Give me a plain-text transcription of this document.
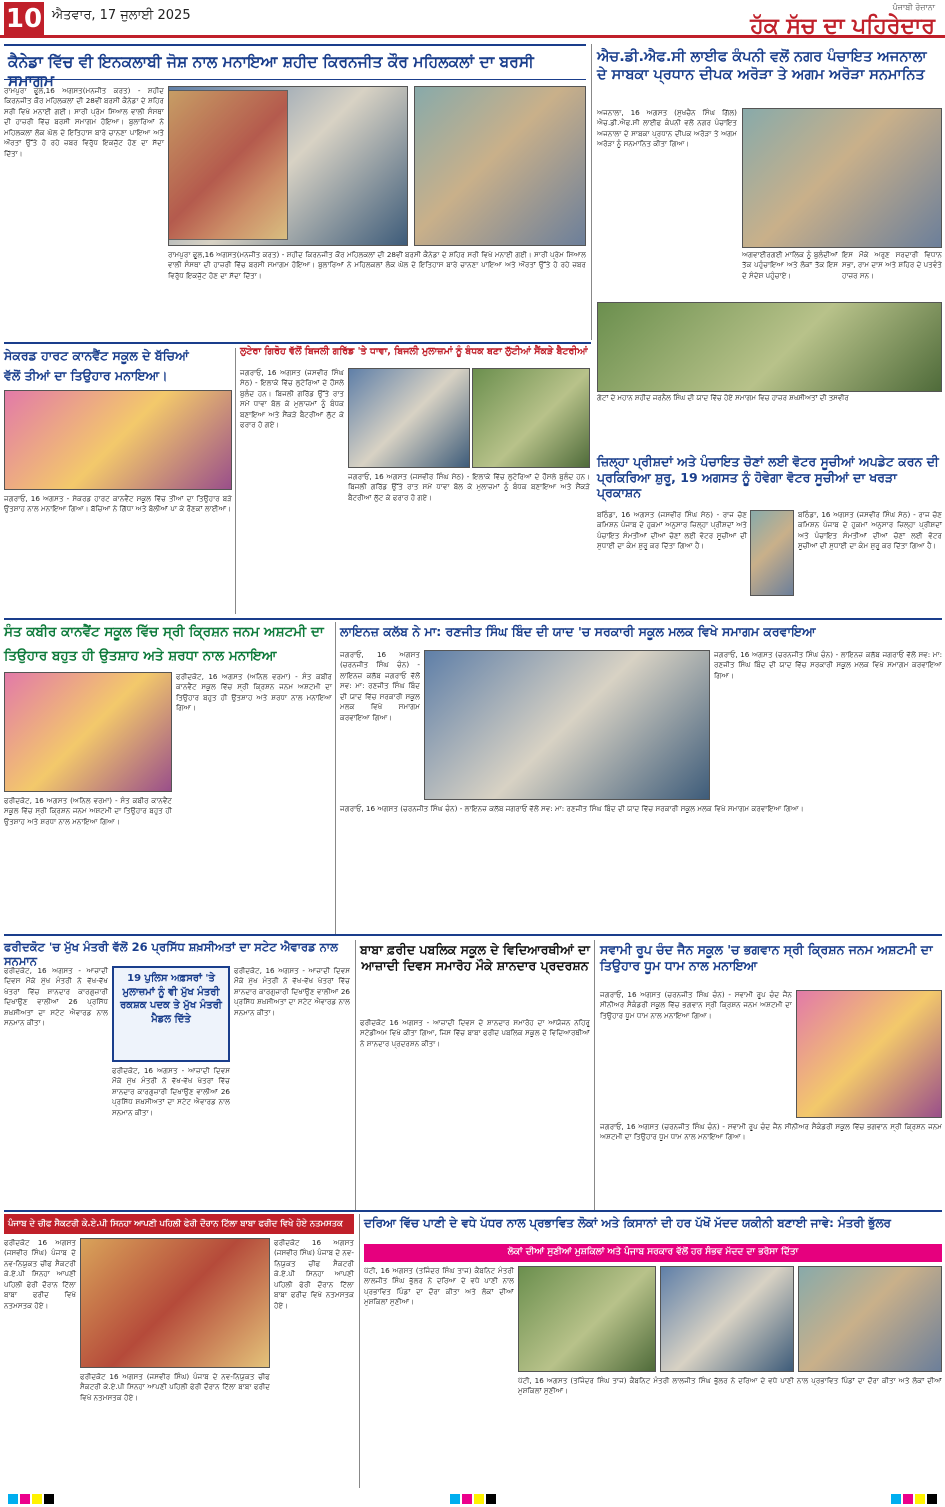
10 ਐਤਵਾਰ, 17 ਜੁਲਾਈ 2025
ਪੰਜਾਬੀ ਰੋਜ਼ਾਨਾ
ਹੱਕ ਸੱਚ ਦਾ ਪਹਿਰੇਦਾਰ
ਕੈਨੇਡਾ ਵਿੱਚ ਵੀ ਇਨਕਲਾਬੀ ਜੋਸ਼ ਨਾਲ ਮਨਾਇਆ ਸ਼ਹੀਦ ਕਿਰਨਜੀਤ ਕੌਰ ਮਹਿਲਕਲਾਂ ਦਾ ਬਰਸੀ ਸਮਾਗਮ
ਰਾਮਪੁਰਾ ਫੂਲ,16 ਅਗਸਤ(ਮਨਜੀਤ ਕਰਤ) - ਸ਼ਹੀਦ ਕਿਰਨਜੀਤ ਕੌਰ ਮਹਿਲਕਲਾਂ ਦੀ 28ਵੀਂ ਬਰਸੀ ਕੈਨੇਡਾ ਦੇ ਸ਼ਹਿਰ ਸਰੀ ਵਿਖੇ ਮਨਾਈ ਗਈ। ਸਾਰੀ ਪ੍ਰੇਮ ਸਿਆਲ ਵਾਲੀ ਸੰਸਥਾ ਦੀ ਹਾਜ਼ਰੀ ਵਿੱਚ ਬਰਸੀ ਸਮਾਗਮ ਹੋਇਆ। ਬੁਲਾਰਿਆਂ ਨੇ ਮਹਿਲਕਲਾਂ ਲੋਕ ਘੋਲ ਦੇ ਇਤਿਹਾਸ ਬਾਰੇ ਚਾਨਣਾ ਪਾਇਆ ਅਤੇ ਔਰਤਾਂ ਉੱਤੇ ਹੋ ਰਹੇ ਜ਼ਬਰ ਵਿਰੁੱਧ ਇਕਜੁੱਟ ਹੋਣ ਦਾ ਸੱਦਾ ਦਿੱਤਾ।
ਰਾਮਪੁਰਾ ਫੂਲ,16 ਅਗਸਤ(ਮਨਜੀਤ ਕਰਤ) - ਸ਼ਹੀਦ ਕਿਰਨਜੀਤ ਕੌਰ ਮਹਿਲਕਲਾਂ ਦੀ 28ਵੀਂ ਬਰਸੀ ਕੈਨੇਡਾ ਦੇ ਸ਼ਹਿਰ ਸਰੀ ਵਿਖੇ ਮਨਾਈ ਗਈ। ਸਾਰੀ ਪ੍ਰੇਮ ਸਿਆਲ ਵਾਲੀ ਸੰਸਥਾ ਦੀ ਹਾਜ਼ਰੀ ਵਿੱਚ ਬਰਸੀ ਸਮਾਗਮ ਹੋਇਆ। ਬੁਲਾਰਿਆਂ ਨੇ ਮਹਿਲਕਲਾਂ ਲੋਕ ਘੋਲ ਦੇ ਇਤਿਹਾਸ ਬਾਰੇ ਚਾਨਣਾ ਪਾਇਆ ਅਤੇ ਔਰਤਾਂ ਉੱਤੇ ਹੋ ਰਹੇ ਜ਼ਬਰ ਵਿਰੁੱਧ ਇਕਜੁੱਟ ਹੋਣ ਦਾ ਸੱਦਾ ਦਿੱਤਾ।
ਐਚ.ਡੀ.ਐਫ.ਸੀ ਲਾਈਫ ਕੰਪਨੀ ਵਲੋਂ ਨਗਰ ਪੰਚਾਇਤ ਅਜਨਾਲਾ ਦੇ ਸਾਬਕਾ ਪ੍ਰਧਾਨ ਦੀਪਕ ਅਰੋੜਾ ਤੇ ਅਗਮ ਅਰੋੜਾ ਸਨਮਾਨਿਤ
ਅਜਨਾਲਾ, 16 ਅਗਸਤ (ਸੁਖਚੈਨ ਸਿੰਘ ਗਿੱਲ) ਐਚ.ਡੀ.ਐਫ.ਸੀ ਲਾਈਫ ਕੰਪਨੀ ਵਲੋਂ ਨਗਰ ਪੰਚਾਇਤ ਅਜਨਾਲਾ ਦੇ ਸਾਬਕਾ ਪ੍ਰਧਾਨ ਦੀਪਕ ਅਰੋੜਾ ਤੇ ਅਗਮ ਅਰੋੜਾ ਨੂੰ ਸਨਮਾਨਿਤ ਕੀਤਾ ਗਿਆ।
ਅਗਵਾਈਰਗਈ ਮਾਲਿਕ ਨੂੰ ਬੁਲੰਦੀਆਂ ਤੱਕ ਪਹੁੰਚਾਇਆ ਅਤੇ ਲੋਕਾਂ ਤੱਕ ਇਸ ਦੇ ਸੰਦੇਸ਼ ਪਹੁੰਚਾਏ।
ਇਸ ਮੌਕੇ ਅਰੁਣ ਸਰਦਾਰੀ ਵਿਧਾਨ ਸਭਾ, ਰਾਮ ਦਾਸ ਅਤੇ ਸ਼ਹਿਰ ਦੇ ਪਤਵੰਤੇ ਹਾਜ਼ਰ ਸਨ।
ਗੇਟਾਂ ਦੇ ਮਹਾਨ ਸ਼ਹੀਦ ਜਰਨੈਲ ਸਿੰਘ ਦੀ ਯਾਦ ਵਿੱਚ ਹੋਏ ਸਮਾਗਮ ਵਿਚ ਹਾਜ਼ਰ ਸ਼ਖਸੀਅਤਾਂ ਦੀ ਤਸਵੀਰ
ਸੇਕਰਡ ਹਾਰਟ ਕਾਨਵੈਂਟ ਸਕੂਲ ਦੇ ਬੱਚਿਆਂ
ਵੱਲੋਂ ਤੀਆਂ ਦਾ ਤਿਉਹਾਰ ਮਨਾਇਆ।
ਜਗਰਾਓਂ, 16 ਅਗਸਤ - ਸੇਕਰਡ ਹਾਰਟ ਕਾਨਵੈਂਟ ਸਕੂਲ ਵਿੱਚ ਤੀਆਂ ਦਾ ਤਿਉਹਾਰ ਬੜੇ ਉਤਸ਼ਾਹ ਨਾਲ ਮਨਾਇਆ ਗਿਆ। ਬੱਚਿਆਂ ਨੇ ਗਿੱਧਾ ਅਤੇ ਬੋਲੀਆਂ ਪਾ ਕੇ ਰੌਣਕਾਂ ਲਾਈਆਂ।
ਲੁਟੇਰਾ ਗਿਰੋਹ ਵੱਲੋਂ ਬਿਜਲੀ ਗਰਿੱਡ 'ਤੇ ਧਾਵਾ, ਬਿਜਲੀ ਮੁਲਾਜ਼ਮਾਂ ਨੂੰ ਬੰਧਕ ਬਣਾ ਲੁੱਟੀਆਂ ਸੈਂਕੜੇ ਬੈਟਰੀਆਂ
ਜਗਰਾਓਂ, 16 ਅਗਸਤ (ਜਸਵੀਰ ਸਿੰਘ ਸੇਠ) - ਇਲਾਕੇ ਵਿੱਚ ਲੁਟੇਰਿਆਂ ਦੇ ਹੌਸਲੇ ਬੁਲੰਦ ਹਨ। ਬਿਜਲੀ ਗਰਿੱਡ ਉੱਤੇ ਰਾਤ ਸਮੇਂ ਧਾਵਾ ਬੋਲ ਕੇ ਮੁਲਾਜ਼ਮਾਂ ਨੂੰ ਬੰਧਕ ਬਣਾਇਆ ਅਤੇ ਸੈਂਕੜੇ ਬੈਟਰੀਆਂ ਲੁੱਟ ਕੇ ਫਰਾਰ ਹੋ ਗਏ।
ਜਗਰਾਓਂ, 16 ਅਗਸਤ (ਜਸਵੀਰ ਸਿੰਘ ਸੇਠ) - ਇਲਾਕੇ ਵਿੱਚ ਲੁਟੇਰਿਆਂ ਦੇ ਹੌਸਲੇ ਬੁਲੰਦ ਹਨ। ਬਿਜਲੀ ਗਰਿੱਡ ਉੱਤੇ ਰਾਤ ਸਮੇਂ ਧਾਵਾ ਬੋਲ ਕੇ ਮੁਲਾਜ਼ਮਾਂ ਨੂੰ ਬੰਧਕ ਬਣਾਇਆ ਅਤੇ ਸੈਂਕੜੇ ਬੈਟਰੀਆਂ ਲੁੱਟ ਕੇ ਫਰਾਰ ਹੋ ਗਏ।
ਜ਼ਿਲ੍ਹਾ ਪ੍ਰੀਸ਼ਦਾਂ ਅਤੇ ਪੰਚਾਇਤ ਚੋਣਾਂ ਲਈ ਵੋਟਰ ਸੂਚੀਆਂ ਅਪਡੇਟ ਕਰਨ ਦੀ ਪ੍ਰਕਿਰਿਆ ਸ਼ੁਰੂ, 19 ਅਗਸਤ ਨੂੰ ਹੋਵੇਗਾ ਵੋਟਰ ਸੂਚੀਆਂ ਦਾ ਖਰੜਾ ਪ੍ਰਕਾਸ਼ਨ
ਬਠਿੰਡਾ, 16 ਅਗਸਤ (ਜਸਵੀਰ ਸਿੰਘ ਸੇਠ) - ਰਾਜ ਚੋਣ ਕਮਿਸ਼ਨ ਪੰਜਾਬ ਦੇ ਹੁਕਮਾਂ ਅਨੁਸਾਰ ਜ਼ਿਲ੍ਹਾ ਪ੍ਰੀਸ਼ਦਾਂ ਅਤੇ ਪੰਚਾਇਤ ਸੰਮਤੀਆਂ ਦੀਆਂ ਚੋਣਾਂ ਲਈ ਵੋਟਰ ਸੂਚੀਆਂ ਦੀ ਸੁਧਾਈ ਦਾ ਕੰਮ ਸ਼ੁਰੂ ਕਰ ਦਿੱਤਾ ਗਿਆ ਹੈ।
ਬਠਿੰਡਾ, 16 ਅਗਸਤ (ਜਸਵੀਰ ਸਿੰਘ ਸੇਠ) - ਰਾਜ ਚੋਣ ਕਮਿਸ਼ਨ ਪੰਜਾਬ ਦੇ ਹੁਕਮਾਂ ਅਨੁਸਾਰ ਜ਼ਿਲ੍ਹਾ ਪ੍ਰੀਸ਼ਦਾਂ ਅਤੇ ਪੰਚਾਇਤ ਸੰਮਤੀਆਂ ਦੀਆਂ ਚੋਣਾਂ ਲਈ ਵੋਟਰ ਸੂਚੀਆਂ ਦੀ ਸੁਧਾਈ ਦਾ ਕੰਮ ਸ਼ੁਰੂ ਕਰ ਦਿੱਤਾ ਗਿਆ ਹੈ।
ਸੰਤ ਕਬੀਰ ਕਾਨਵੈਂਟ ਸਕੂਲ ਵਿੱਚ ਸ੍ਰੀ ਕ੍ਰਿਸ਼ਨ ਜਨਮ ਅਸ਼ਟਮੀ ਦਾ
ਤਿਉਹਾਰ ਬਹੁਤ ਹੀ ਉਤਸ਼ਾਹ ਅਤੇ ਸ਼ਰਧਾ ਨਾਲ ਮਨਾਇਆ
ਫਰੀਦਕੋਟ, 16 ਅਗਸਤ (ਅਨਿਲ ਵਰਮਾ) - ਸੰਤ ਕਬੀਰ ਕਾਨਵੈਂਟ ਸਕੂਲ ਵਿੱਚ ਸ੍ਰੀ ਕ੍ਰਿਸ਼ਨ ਜਨਮ ਅਸ਼ਟਮੀ ਦਾ ਤਿਉਹਾਰ ਬਹੁਤ ਹੀ ਉਤਸ਼ਾਹ ਅਤੇ ਸ਼ਰਧਾ ਨਾਲ ਮਨਾਇਆ ਗਿਆ।
ਫਰੀਦਕੋਟ, 16 ਅਗਸਤ (ਅਨਿਲ ਵਰਮਾ) - ਸੰਤ ਕਬੀਰ ਕਾਨਵੈਂਟ ਸਕੂਲ ਵਿੱਚ ਸ੍ਰੀ ਕ੍ਰਿਸ਼ਨ ਜਨਮ ਅਸ਼ਟਮੀ ਦਾ ਤਿਉਹਾਰ ਬਹੁਤ ਹੀ ਉਤਸ਼ਾਹ ਅਤੇ ਸ਼ਰਧਾ ਨਾਲ ਮਨਾਇਆ ਗਿਆ।
ਲਾਇਨਜ਼ ਕਲੱਬ ਨੇ ਮਾ: ਰਣਜੀਤ ਸਿੰਘ ਬਿੰਦ ਦੀ ਯਾਦ 'ਚ ਸਰਕਾਰੀ ਸਕੂਲ ਮਲਕ ਵਿਖੇ ਸਮਾਗਮ ਕਰਵਾਇਆ
ਜਗਰਾਓਂ, 16 ਅਗਸਤ (ਚਰਨਜੀਤ ਸਿੰਘ ਚੰਨ) - ਲਾਇਨਜ਼ ਕਲੱਬ ਜਗਰਾਓਂ ਵੱਲੋਂ ਸਵ: ਮਾ: ਰਣਜੀਤ ਸਿੰਘ ਬਿੰਦ ਦੀ ਯਾਦ ਵਿੱਚ ਸਰਕਾਰੀ ਸਕੂਲ ਮਲਕ ਵਿਖੇ ਸਮਾਗਮ ਕਰਵਾਇਆ ਗਿਆ।
ਜਗਰਾਓਂ, 16 ਅਗਸਤ (ਚਰਨਜੀਤ ਸਿੰਘ ਚੰਨ) - ਲਾਇਨਜ਼ ਕਲੱਬ ਜਗਰਾਓਂ ਵੱਲੋਂ ਸਵ: ਮਾ: ਰਣਜੀਤ ਸਿੰਘ ਬਿੰਦ ਦੀ ਯਾਦ ਵਿੱਚ ਸਰਕਾਰੀ ਸਕੂਲ ਮਲਕ ਵਿਖੇ ਸਮਾਗਮ ਕਰਵਾਇਆ ਗਿਆ।
ਜਗਰਾਓਂ, 16 ਅਗਸਤ (ਚਰਨਜੀਤ ਸਿੰਘ ਚੰਨ) - ਲਾਇਨਜ਼ ਕਲੱਬ ਜਗਰਾਓਂ ਵੱਲੋਂ ਸਵ: ਮਾ: ਰਣਜੀਤ ਸਿੰਘ ਬਿੰਦ ਦੀ ਯਾਦ ਵਿੱਚ ਸਰਕਾਰੀ ਸਕੂਲ ਮਲਕ ਵਿਖੇ ਸਮਾਗਮ ਕਰਵਾਇਆ ਗਿਆ।
ਫਰੀਦਕੋਟ 'ਚ ਮੁੱਖ ਮੰਤਰੀ ਵੱਲੋਂ 26 ਪ੍ਰਸਿੱਧ ਸ਼ਖ਼ਸੀਅਤਾਂ ਦਾ ਸਟੇਟ ਐਵਾਰਡ ਨਾਲ ਸਨਮਾਨ
ਫਰੀਦਕੋਟ, 16 ਅਗਸਤ - ਆਜ਼ਾਦੀ ਦਿਵਸ ਮੌਕੇ ਮੁੱਖ ਮੰਤਰੀ ਨੇ ਵੱਖ-ਵੱਖ ਖੇਤਰਾਂ ਵਿੱਚ ਸ਼ਾਨਦਾਰ ਕਾਰਗੁਜ਼ਾਰੀ ਦਿਖਾਉਣ ਵਾਲੀਆਂ 26 ਪ੍ਰਸਿੱਧ ਸ਼ਖ਼ਸੀਅਤਾਂ ਦਾ ਸਟੇਟ ਐਵਾਰਡ ਨਾਲ ਸਨਮਾਨ ਕੀਤਾ।
19 ਪੁਲਿਸ ਅਫ਼ਸਰਾਂ 'ਤੇ ਮੁਲਾਜ਼ਮਾਂ ਨੂੰ ਵੀ ਮੁੱਖ ਮੰਤਰੀ ਰਕਸ਼ਕ ਪਦਕ ਤੇ ਮੁੱਖ ਮੰਤਰੀ ਮੈਡਲ ਦਿੱਤੇ
ਫਰੀਦਕੋਟ, 16 ਅਗਸਤ - ਆਜ਼ਾਦੀ ਦਿਵਸ ਮੌਕੇ ਮੁੱਖ ਮੰਤਰੀ ਨੇ ਵੱਖ-ਵੱਖ ਖੇਤਰਾਂ ਵਿੱਚ ਸ਼ਾਨਦਾਰ ਕਾਰਗੁਜ਼ਾਰੀ ਦਿਖਾਉਣ ਵਾਲੀਆਂ 26 ਪ੍ਰਸਿੱਧ ਸ਼ਖ਼ਸੀਅਤਾਂ ਦਾ ਸਟੇਟ ਐਵਾਰਡ ਨਾਲ ਸਨਮਾਨ ਕੀਤਾ।
ਫਰੀਦਕੋਟ, 16 ਅਗਸਤ - ਆਜ਼ਾਦੀ ਦਿਵਸ ਮੌਕੇ ਮੁੱਖ ਮੰਤਰੀ ਨੇ ਵੱਖ-ਵੱਖ ਖੇਤਰਾਂ ਵਿੱਚ ਸ਼ਾਨਦਾਰ ਕਾਰਗੁਜ਼ਾਰੀ ਦਿਖਾਉਣ ਵਾਲੀਆਂ 26 ਪ੍ਰਸਿੱਧ ਸ਼ਖ਼ਸੀਅਤਾਂ ਦਾ ਸਟੇਟ ਐਵਾਰਡ ਨਾਲ ਸਨਮਾਨ ਕੀਤਾ।
ਬਾਬਾ ਫ਼ਰੀਦ ਪਬਲਿਕ ਸਕੂਲ ਦੇ ਵਿਦਿਆਰਥੀਆਂ ਦਾ ਆਜ਼ਾਦੀ ਦਿਵਸ ਸਮਾਰੋਹ ਮੌਕੇ ਸ਼ਾਨਦਾਰ ਪ੍ਰਦਰਸ਼ਨ
ਫਰੀਦਕੋਟ 16 ਅਗਸਤ - ਆਜ਼ਾਦੀ ਦਿਵਸ ਦੇ ਸ਼ਾਨਦਾਰ ਸਮਾਰੋਹ ਦਾ ਆਯੋਜਨ ਨਹਿਰੂ ਸਟੇਡੀਅਮ ਵਿਖੇ ਕੀਤਾ ਗਿਆ, ਜਿਸ ਵਿੱਚ ਬਾਬਾ ਫਰੀਦ ਪਬਲਿਕ ਸਕੂਲ ਦੇ ਵਿਦਿਆਰਥੀਆਂ ਨੇ ਸ਼ਾਨਦਾਰ ਪ੍ਰਦਰਸ਼ਨ ਕੀਤਾ।
ਸਵਾਮੀ ਰੂਪ ਚੰਦ ਜੈਨ ਸਕੂਲ 'ਚ ਭਗਵਾਨ ਸ੍ਰੀ ਕ੍ਰਿਸ਼ਨ ਜਨਮ ਅਸ਼ਟਮੀ ਦਾ ਤਿਉਹਾਰ ਧੂਮ ਧਾਮ ਨਾਲ ਮਨਾਇਆ
ਜਗਰਾਓਂ, 16 ਅਗਸਤ (ਚਰਨਜੀਤ ਸਿੰਘ ਚੰਨ) - ਸਵਾਮੀ ਰੂਪ ਚੰਦ ਜੈਨ ਸੀਨੀਅਰ ਸੈਕੰਡਰੀ ਸਕੂਲ ਵਿੱਚ ਭਗਵਾਨ ਸ੍ਰੀ ਕ੍ਰਿਸ਼ਨ ਜਨਮ ਅਸ਼ਟਮੀ ਦਾ ਤਿਉਹਾਰ ਧੂਮ ਧਾਮ ਨਾਲ ਮਨਾਇਆ ਗਿਆ।
ਜਗਰਾਓਂ, 16 ਅਗਸਤ (ਚਰਨਜੀਤ ਸਿੰਘ ਚੰਨ) - ਸਵਾਮੀ ਰੂਪ ਚੰਦ ਜੈਨ ਸੀਨੀਅਰ ਸੈਕੰਡਰੀ ਸਕੂਲ ਵਿੱਚ ਭਗਵਾਨ ਸ੍ਰੀ ਕ੍ਰਿਸ਼ਨ ਜਨਮ ਅਸ਼ਟਮੀ ਦਾ ਤਿਉਹਾਰ ਧੂਮ ਧਾਮ ਨਾਲ ਮਨਾਇਆ ਗਿਆ।
ਪੰਜਾਬ ਦੇ ਚੀਫ ਸੈਕਟਰੀ ਕੇ.ਏ.ਪੀ ਸਿਨਹਾ ਆਪਣੀ ਪਹਿਲੀ ਫੇਰੀ ਦੌਰਾਨ ਟਿੱਲਾ ਬਾਬਾ ਫਰੀਦ ਵਿਖੇ ਹੋਏ ਨਤਮਸਤਕ
ਫਰੀਦਕੋਟ 16 ਅਗਸਤ (ਜਸਵੀਰ ਸਿੰਘ) ਪੰਜਾਬ ਦੇ ਨਵ-ਨਿਯੁਕਤ ਚੀਫ ਸੈਕਟਰੀ ਕੇ.ਏ.ਪੀ ਸਿਨਹਾ ਆਪਣੀ ਪਹਿਲੀ ਫੇਰੀ ਦੌਰਾਨ ਟਿੱਲਾ ਬਾਬਾ ਫਰੀਦ ਵਿਖੇ ਨਤਮਸਤਕ ਹੋਏ।
ਫਰੀਦਕੋਟ 16 ਅਗਸਤ (ਜਸਵੀਰ ਸਿੰਘ) ਪੰਜਾਬ ਦੇ ਨਵ-ਨਿਯੁਕਤ ਚੀਫ ਸੈਕਟਰੀ ਕੇ.ਏ.ਪੀ ਸਿਨਹਾ ਆਪਣੀ ਪਹਿਲੀ ਫੇਰੀ ਦੌਰਾਨ ਟਿੱਲਾ ਬਾਬਾ ਫਰੀਦ ਵਿਖੇ ਨਤਮਸਤਕ ਹੋਏ।
ਫਰੀਦਕੋਟ 16 ਅਗਸਤ (ਜਸਵੀਰ ਸਿੰਘ) ਪੰਜਾਬ ਦੇ ਨਵ-ਨਿਯੁਕਤ ਚੀਫ ਸੈਕਟਰੀ ਕੇ.ਏ.ਪੀ ਸਿਨਹਾ ਆਪਣੀ ਪਹਿਲੀ ਫੇਰੀ ਦੌਰਾਨ ਟਿੱਲਾ ਬਾਬਾ ਫਰੀਦ ਵਿਖੇ ਨਤਮਸਤਕ ਹੋਏ।
ਦਰਿਆ ਵਿੱਚ ਪਾਣੀ ਦੇ ਵਧੇ ਪੱਧਰ ਨਾਲ ਪ੍ਰਭਾਵਿਤ ਲੋਕਾਂ ਅਤੇ ਕਿਸਾਨਾਂ ਦੀ ਹਰ ਪੱਖੋਂ ਮੱਦਦ ਯਕੀਨੀ ਬਣਾਈ ਜਾਵੇ: ਮੰਤਰੀ ਭੁੱਲਰ
ਲੋਕਾਂ ਦੀਆਂ ਸੁਣੀਆਂ ਮੁਸ਼ਕਿਲਾਂ ਅਤੇ ਪੰਜਾਬ ਸਰਕਾਰ ਵੱਲੋਂ ਹਰ ਸੰਭਵ ਮੱਦਦ ਦਾ ਭਰੋਸਾ ਦਿੱਤਾ
ਪੱਟੀ, 16 ਅਗਸਤ (ਤਜਿੰਦਰ ਸਿੰਘ ਤਾਜ) ਕੈਬਨਿਟ ਮੰਤਰੀ ਲਾਲਜੀਤ ਸਿੰਘ ਭੁੱਲਰ ਨੇ ਦਰਿਆ ਦੇ ਵਧੇ ਪਾਣੀ ਨਾਲ ਪ੍ਰਭਾਵਿਤ ਪਿੰਡਾਂ ਦਾ ਦੌਰਾ ਕੀਤਾ ਅਤੇ ਲੋਕਾਂ ਦੀਆਂ ਮੁਸ਼ਕਿਲਾਂ ਸੁਣੀਆਂ।
ਪੱਟੀ, 16 ਅਗਸਤ (ਤਜਿੰਦਰ ਸਿੰਘ ਤਾਜ) ਕੈਬਨਿਟ ਮੰਤਰੀ ਲਾਲਜੀਤ ਸਿੰਘ ਭੁੱਲਰ ਨੇ ਦਰਿਆ ਦੇ ਵਧੇ ਪਾਣੀ ਨਾਲ ਪ੍ਰਭਾਵਿਤ ਪਿੰਡਾਂ ਦਾ ਦੌਰਾ ਕੀਤਾ ਅਤੇ ਲੋਕਾਂ ਦੀਆਂ ਮੁਸ਼ਕਿਲਾਂ ਸੁਣੀਆਂ।
